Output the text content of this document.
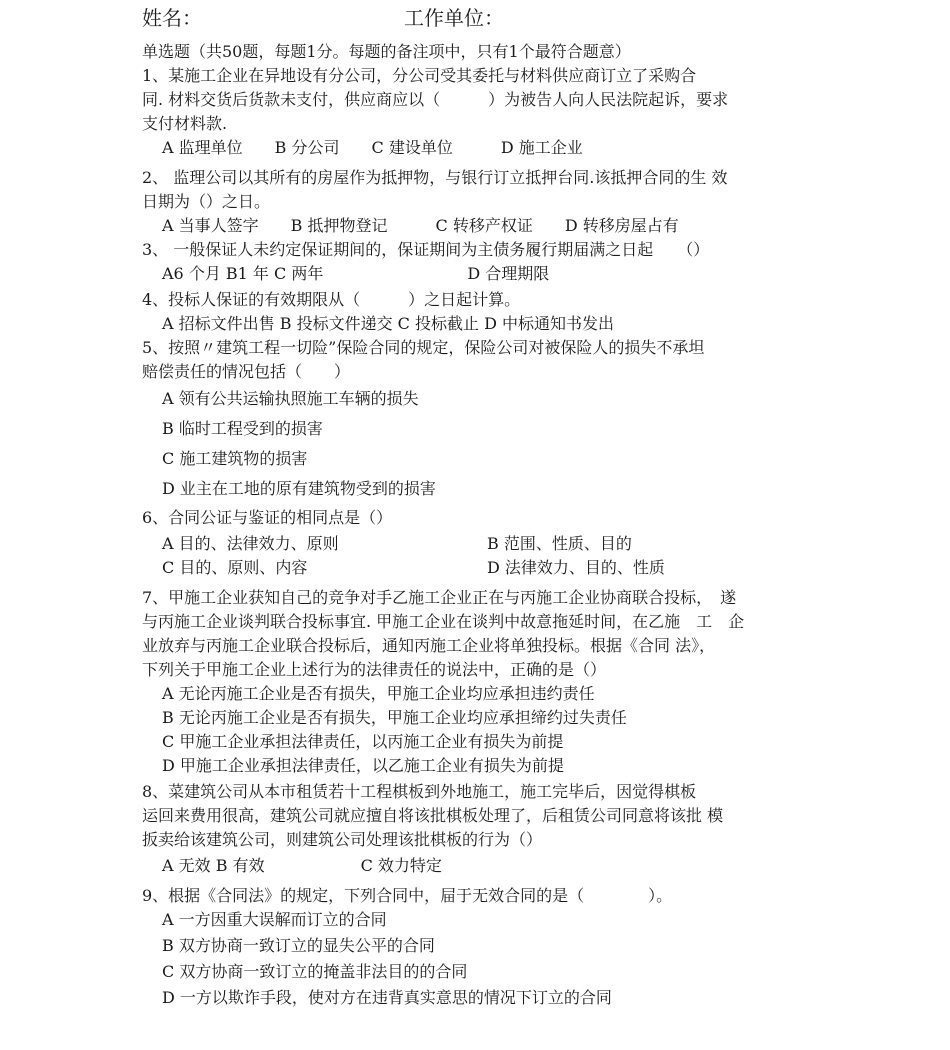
姓名：	工作单位：
单选题（共50题，每题1分。每题的备注项中，只有1个最符合题意）
1、某施工企业在异地设有分公司，分公司受其委托与材料供应商订立了采购合
同. 材料交货后货款未支付，供应商应以（　　　）为被告人向人民法院起诉，要求
支付材料款.
A 监理单位　　B 分公司　　C 建设单位　　　D 施工企业
2、 监理公司以其所有的房屋作为抵押物，与银行订立抵押台同.该抵押合同的生 效
日期为（）之日。
A 当事人签字　　B 抵押物登记　　　C 转移产权证　　D 转移房屋占有
3、 一般保证人未约定保证期间的，保证期间为主债务履行期届满之日起　　（）
A6 个月 B1 年 C 两年　　　　　　　　　D 合理期限
4、投标人保证的有效期限从（　　　）之日起计算。
A 招标文件出售 B 投标文件递交 C 投标截止 D 中标通知书发出
5、按照〃建筑工程一切险”保险合同的规定，保险公司对被保险人的损失不承坦
赔偿责任的情况包括（　　）
A 领有公共运输执照施工车辆的损失
B 临时工程受到的损害
C 施工建筑物的损害
D 业主在工地的原有建筑物受到的损害
6、合同公证与鉴证的相同点是（）
A 目的、法律效力、原则	B 范围、性质、目的
C 目的、原则、内容	D 法律效力、目的、性质
7、甲施工企业获知自己的竞争对手乙施工企业正在与丙施工企业协商联合投标，　遂
与丙施工企业谈判联合投标事宜. 甲施工企业在谈判中故意拖延时间，在乙施　工　企
业放弃与丙施工企业联合投标后，通知丙施工企业将单独投标。根据《合同 法》，
下列关于甲施工企业上述行为的法律责任的说法中，正确的是（）
A 无论丙施工企业是否有损失，甲施工企业均应承担违约责任
B 无论丙施工企业是否有损失，甲施工企业均应承担缔约过失责任
C 甲施工企业承担法律责任，以丙施工企业有损失为前提
D 甲施工企业承担法律责任，以乙施工企业有损失为前提
8、菜建筑公司从本市租赁若十工程棋板到外地施工，施工完毕后，因觉得棋板
运回来费用很高，建筑公司就应擅自将该批棋板处理了，后租赁公司同意将该批 模
扳卖给该建筑公司，则建筑公司处理该批棋板的行为（）
A 无效 B 有效　　　　　　C 效力特定
9、根据《合同法》的规定，下列合同中，屇于无效合同的是（　　　　）。
A 一方因重大误解而订立的合同
B 双方协商一致订立的显失公平的合同
C 双方协商一致订立的掩盖非法目的的合同
D 一方以欺诈手段，使对方在违背真实意思的情况下订立的合同
